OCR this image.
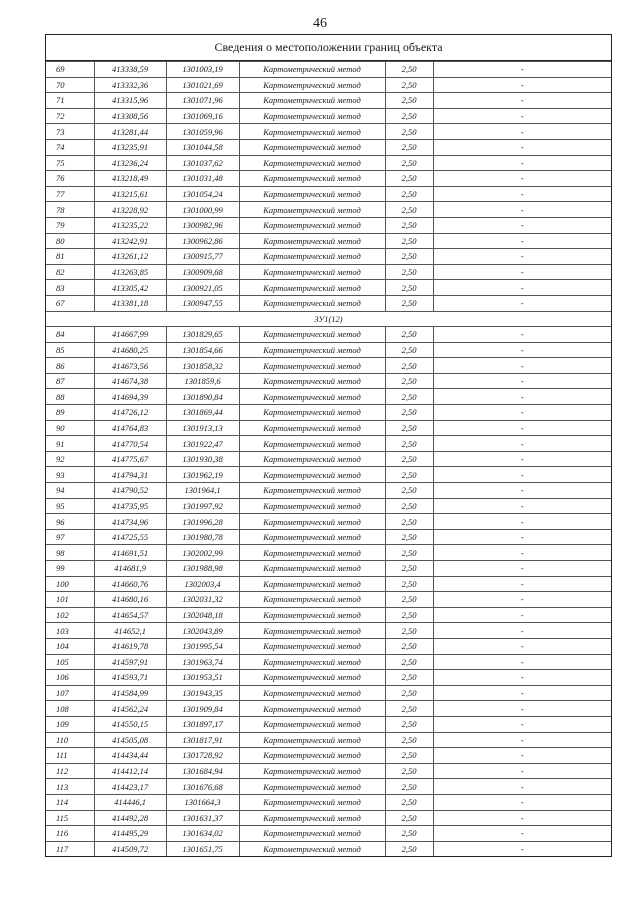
46
Сведения о местоположении границ объекта
69	413338,59	1301003,19	Картометрический метод	2,50	-
70	413332,36	1301021,69	Картометрический метод	2,50	-
71	413315,96	1301071,96	Картометрический метод	2,50	-
72	413308,56	1301069,16	Картометрический метод	2,50	-
73	413281,44	1301059,96	Картометрический метод	2,50	-
74	413235,91	1301044,58	Картометрический метод	2,50	-
75	413236,24	1301037,62	Картометрический метод	2,50	-
76	413218,49	1301031,48	Картометрический метод	2,50	-
77	413215,61	1301054,24	Картометрический метод	2,50	-
78	413228,92	1301000,99	Картометрический метод	2,50	-
79	413235,22	1300982,96	Картометрический метод	2,50	-
80	413242,91	1300962,86	Картометрический метод	2,50	-
81	413261,12	1300915,77	Картометрический метод	2,50	-
82	413263,85	1300909,68	Картометрический метод	2,50	-
83	413305,42	1300921,05	Картометрический метод	2,50	-
67	413381,18	1300947,55	Картометрический метод	2,50	-
ЗУ1(12)					
84	414667,99	1301829,65	Картометрический метод	2,50	-
85	414680,25	1301854,66	Картометрический метод	2,50	-
86	414673,56	1301858,32	Картометрический метод	2,50	-
87	414674,38	1301859,6	Картометрический метод	2,50	-
88	414694,39	1301890,84	Картометрический метод	2,50	-
89	414726,12	1301869,44	Картометрический метод	2,50	-
90	414764,83	1301913,13	Картометрический метод	2,50	-
91	414770,54	1301922,47	Картометрический метод	2,50	-
92	414775,67	1301930,38	Картометрический метод	2,50	-
93	414794,31	1301962,19	Картометрический метод	2,50	-
94	414790,52	1301964,1	Картометрический метод	2,50	-
95	414735,95	1301997,92	Картометрический метод	2,50	-
96	414734,96	1301996,28	Картометрический метод	2,50	-
97	414725,55	1301980,78	Картометрический метод	2,50	-
98	414691,51	1302002,99	Картометрический метод	2,50	-
99	414681,9	1301988,98	Картометрический метод	2,50	-
100	414660,76	1302003,4	Картометрический метод	2,50	-
101	414680,16	1302031,32	Картометрический метод	2,50	-
102	414654,57	1302048,18	Картометрический метод	2,50	-
103	414652,1	1302043,89	Картометрический метод	2,50	-
104	414619,78	1301995,54	Картометрический метод	2,50	-
105	414597,91	1301963,74	Картометрический метод	2,50	-
106	414593,71	1301953,51	Картометрический метод	2,50	-
107	414584,99	1301943,35	Картометрический метод	2,50	-
108	414562,24	1301909,84	Картометрический метод	2,50	-
109	414550,15	1301897,17	Картометрический метод	2,50	-
110	414505,08	1301817,91	Картометрический метод	2,50	-
111	414434,44	1301728,92	Картометрический метод	2,50	-
112	414412,14	1301684,94	Картометрический метод	2,50	-
113	414423,17	1301676,68	Картометрический метод	2,50	-
114	414446,1	1301664,3	Картометрический метод	2,50	-
115	414492,28	1301631,37	Картометрический метод	2,50	-
116	414495,29	1301634,02	Картометрический метод	2,50	-
117	414509,72	1301651,75	Картометрический метод	2,50	-
